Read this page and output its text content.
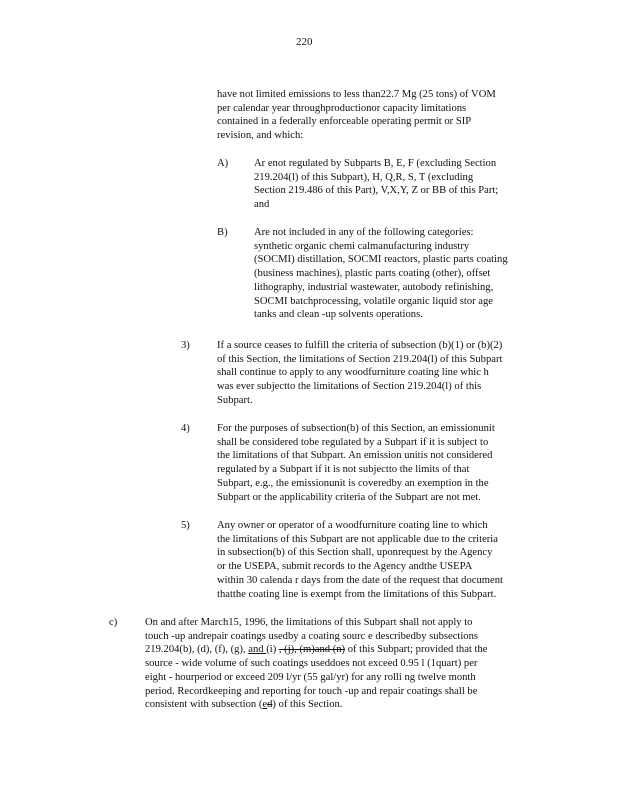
220
have not limited emissions to less than22.7 Mg (25 tons) of VOM
per calendar year throughproductionor capacity limitations
contained in a federally enforceable operating permit or SIP
revision, and which:
A) Ar enot regulated by Subparts B, E, F (excluding Section
219.204(l) of this Subpart), H, Q,R, S, T (excluding
Section 219.486 of this Part), V,X,Y, Z or BB of this Part;
and
B) Are not included in any of the following categories:
synthetic organic chemi calmanufacturing industry
(SOCMI) distillation, SOCMI reactors, plastic parts coating
(business machines), plastic parts coating (other), offset
lithography, industrial wastewater, autobody refinishing,
SOCMI batchprocessing, volatile organic liquid stor age
tanks and clean -up solvents operations.
3)	If a source ceases to fulfill the criteria of subsection (b)(1) or (b)(2)
of this Section, the limitations of Section 219.204(l) of this Subpart
shall continue to apply to any woodfurniture coating line whic h
was ever subjectto the limitations of Section 219.204(l) of this
Subpart.
4)	For the purposes of subsection(b) of this Section, an emissionunit
shall be considered tobe regulated by a Subpart if it is subject to
the limitations of that Subpart. An emission unitis not considered
regulated by a Subpart if it is not subjectto the limits of that
Subpart, e.g., the emissionunit is coveredby an exemption in the
Subpart or the applicability criteria of the Subpart are not met.
5)	Any owner or operator of a woodfurniture coating line to which
the limitations of this Subpart are not applicable due to the criteria
in subsection(b) of this Section shall, uponrequest by the Agency
or the USEPA, submit records to the Agency andthe USEPA
within 30 calenda r days from the date of the request that document
thatthe coating line is exempt from the limitations of this Subpart.
c)	On and after March15, 1996, the limitations of this Subpart shall not apply to
touch -up andrepair coatings usedby a coating sourc e describedby subsections
219.204(b), (d), (f), (g), and (i) , (j), (m)and (n) of this Subpart; provided that the
source - wide volume of such coatings useddoes not exceed 0.95 l (1quart) per
eight - hourperiod or exceed 209 l/yr (55 gal/yr) for any rolli ng twelve month
period. Recordkeeping and reporting for touch -up and repair coatings shall be
consistent with subsection (ed) of this Section.
